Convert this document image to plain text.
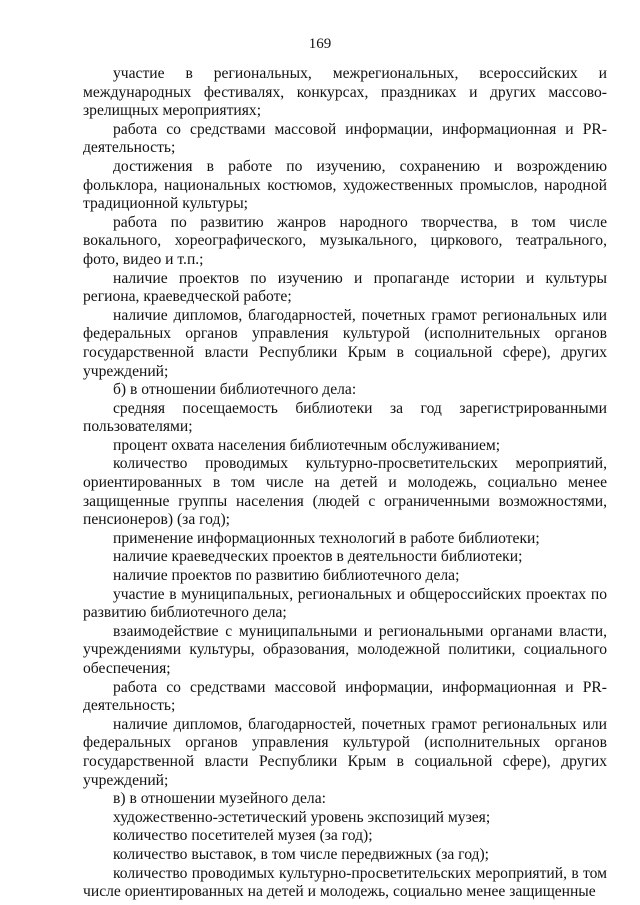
169

участие в региональных, межрегиональных, всероссийских и международных фестивалях, конкурсах, праздниках и других массово-зрелищных мероприятиях;

работа со средствами массовой информации, информационная и PR-деятельность;

достижения в работе по изучению, сохранению и возрождению фольклора, национальных костюмов, художественных промыслов, народной традиционной культуры;

работа по развитию жанров народного творчества, в том числе вокального, хореографического, музыкального, циркового, театрального, фото, видео и т.п.;

наличие проектов по изучению и пропаганде истории и культуры региона, краеведческой работе;

наличие дипломов, благодарностей, почетных грамот региональных или федеральных органов управления культурой (исполнительных органов государственной власти Республики Крым в социальной сфере), других учреждений;

б) в отношении библиотечного дела:

средняя посещаемость библиотеки за год зарегистрированными пользователями;

процент охвата населения библиотечным обслуживанием;

количество проводимых культурно-просветительских мероприятий, ориентированных в том числе на детей и молодежь, социально менее защищенные группы населения (людей с ограниченными возможностями, пенсионеров) (за год);

применение информационных технологий в работе библиотеки;

наличие краеведческих проектов в деятельности библиотеки;

наличие проектов по развитию библиотечного дела;

участие в муниципальных, региональных и общероссийских проектах по развитию библиотечного дела;

взаимодействие с муниципальными и региональными органами власти, учреждениями культуры, образования, молодежной политики, социального обеспечения;

работа со средствами массовой информации, информационная и PR-деятельность;

наличие дипломов, благодарностей, почетных грамот региональных или федеральных органов управления культурой (исполнительных органов государственной власти Республики Крым в социальной сфере), других учреждений;

в) в отношении музейного дела:

художественно-эстетический уровень экспозиций музея;

количество посетителей музея (за год);

количество выставок, в том числе передвижных (за год);

количество проводимых культурно-просветительских мероприятий, в том числе ориентированных на детей и молодежь, социально менее защищенные
